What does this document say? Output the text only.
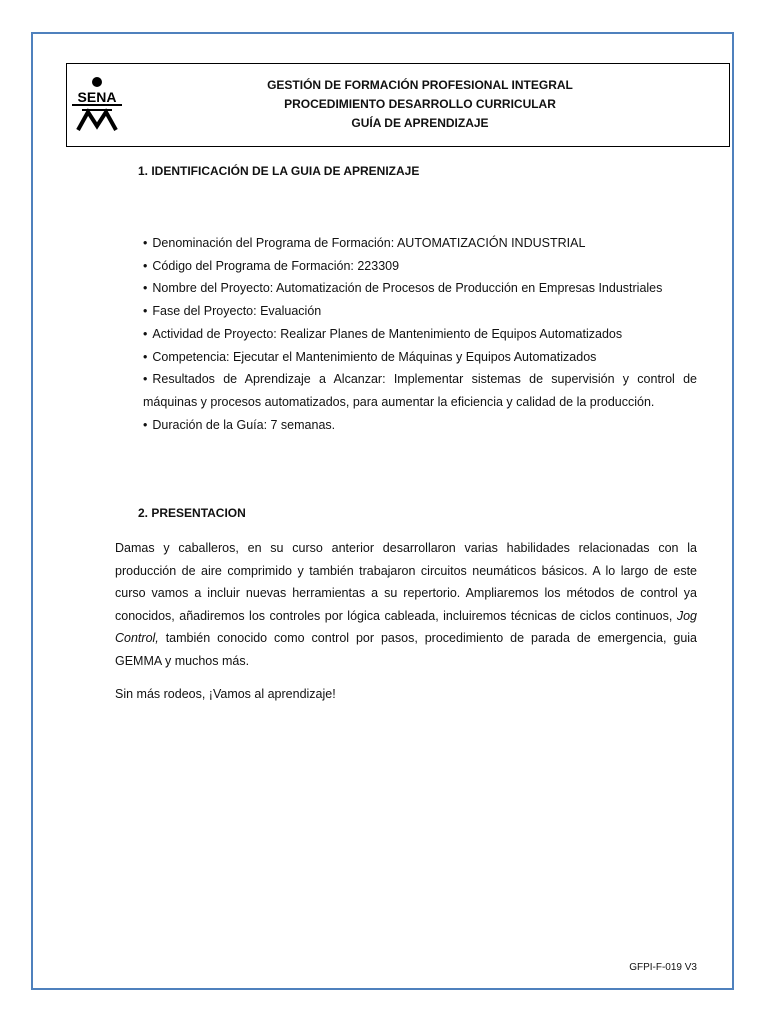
SENA
GESTIÓN DE FORMACIÓN PROFESIONAL INTEGRAL
PROCEDIMIENTO DESARROLLO CURRICULAR
GUÍA DE APRENDIZAJE
1. IDENTIFICACIÓN DE LA GUIA DE APRENIZAJE
• Denominación del Programa de Formación: AUTOMATIZACIÓN INDUSTRIAL
• Código del Programa de Formación: 223309
• Nombre del Proyecto: Automatización de Procesos de Producción en Empresas Industriales
• Fase del Proyecto: Evaluación
• Actividad de Proyecto: Realizar Planes de Mantenimiento de Equipos Automatizados
• Competencia: Ejecutar el Mantenimiento de Máquinas y Equipos Automatizados
• Resultados de Aprendizaje a Alcanzar: Implementar sistemas de supervisión y control de máquinas y procesos automatizados, para aumentar la eficiencia y calidad de la producción.
• Duración de la Guía: 7 semanas.
2. PRESENTACION
Damas y caballeros, en su curso anterior desarrollaron varias habilidades relacionadas con la producción de aire comprimido y también trabajaron circuitos neumáticos básicos. A lo largo de este curso vamos a incluir nuevas herramientas a su repertorio. Ampliaremos los métodos de control ya conocidos, añadiremos los controles por lógica cableada, incluiremos técnicas de ciclos continuos, Jog Control, también conocido como control por pasos, procedimiento de parada de emergencia, guia GEMMA y muchos más.
Sin más rodeos, ¡Vamos al aprendizaje!
GFPI-F-019 V3
